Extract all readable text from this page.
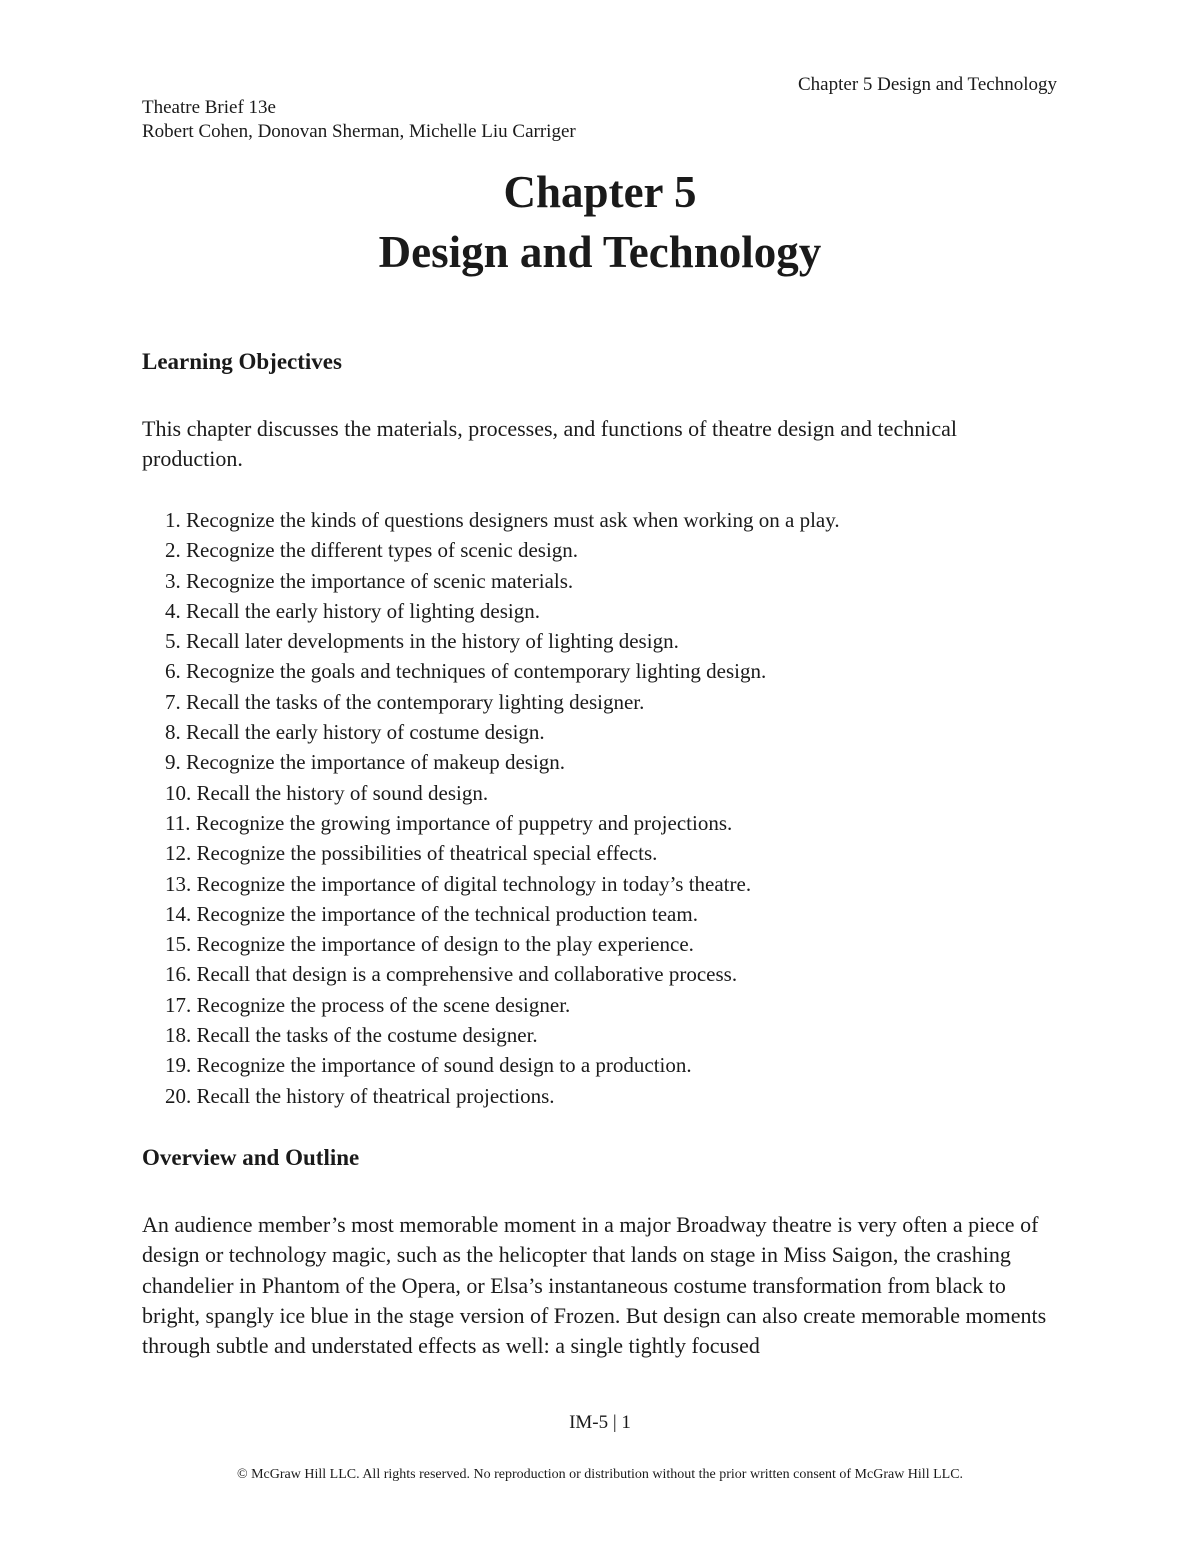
Chapter 5 Design and Technology
Theatre Brief 13e
Robert Cohen, Donovan Sherman, Michelle Liu Carriger
Chapter 5
Design and Technology
Learning Objectives

This chapter discusses the materials, processes, and functions of theatre design and technical production.

1. Recognize the kinds of questions designers must ask when working on a play.
2. Recognize the different types of scenic design.
3. Recognize the importance of scenic materials.
4. Recall the early history of lighting design.
5. Recall later developments in the history of lighting design.
6. Recognize the goals and techniques of contemporary lighting design.
7. Recall the tasks of the contemporary lighting designer.
8. Recall the early history of costume design.
9. Recognize the importance of makeup design.
10. Recall the history of sound design.
11. Recognize the growing importance of puppetry and projections.
12. Recognize the possibilities of theatrical special effects.
13. Recognize the importance of digital technology in today’s theatre.
14. Recognize the importance of the technical production team.
15. Recognize the importance of design to the play experience.
16. Recall that design is a comprehensive and collaborative process.
17. Recognize the process of the scene designer.
18. Recall the tasks of the costume designer.
19. Recognize the importance of sound design to a production.
20. Recall the history of theatrical projections.
Overview and Outline

An audience member’s most memorable moment in a major Broadway theatre is very often a piece of design or technology magic, such as the helicopter that lands on stage in Miss Saigon, the crashing chandelier in Phantom of the Opera, or Elsa’s instantaneous costume transformation from black to bright, spangly ice blue in the stage version of Frozen. But design can also create memorable moments through subtle and understated effects as well: a single tightly focused

IM-5 | 1
© McGraw Hill LLC. All rights reserved. No reproduction or distribution without the prior written consent of McGraw Hill LLC.
